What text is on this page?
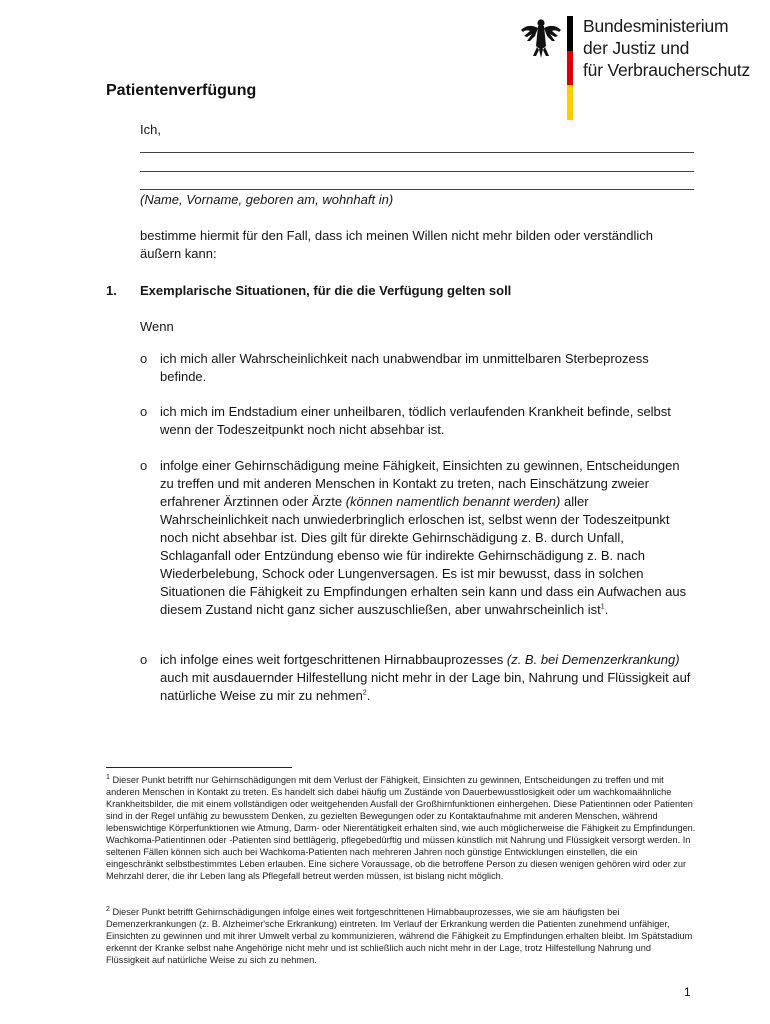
Bundesministerium
der Justiz und
für Verbraucherschutz
Patientenverfügung
Ich,
(Name, Vorname, geboren am, wohnhaft in)
bestimme hiermit für den Fall, dass ich meinen Willen nicht mehr bilden oder verständlich äußern kann:
1. Exemplarische Situationen, für die die Verfügung gelten soll
Wenn
o ich mich aller Wahrscheinlichkeit nach unabwendbar im unmittelbaren Sterbeprozess befinde.
o ich mich im Endstadium einer unheilbaren, tödlich verlaufenden Krankheit befinde, selbst wenn der Todeszeitpunkt noch nicht absehbar ist.
o infolge einer Gehirnschädigung meine Fähigkeit, Einsichten zu gewinnen, Entscheidungen zu treffen und mit anderen Menschen in Kontakt zu treten, nach Einschätzung zweier erfahrener Ärztinnen oder Ärzte (können namentlich benannt werden) aller Wahrscheinlichkeit nach unwiederbringlich erloschen ist, selbst wenn der Todeszeitpunkt noch nicht absehbar ist. Dies gilt für direkte Gehirnschädigung z. B. durch Unfall, Schlaganfall oder Entzündung ebenso wie für indirekte Gehirnschädigung z. B. nach Wiederbelebung, Schock oder Lungenversagen. Es ist mir bewusst, dass in solchen Situationen die Fähigkeit zu Empfindungen erhalten sein kann und dass ein Aufwachen aus diesem Zustand nicht ganz sicher auszuschließen, aber unwahrscheinlich ist$^1$.
o ich infolge eines weit fortgeschrittenen Hirnabbauprozesses (z. B. bei Demenzerkrankung) auch mit ausdauernder Hilfestellung nicht mehr in der Lage bin, Nahrung und Flüssigkeit auf natürliche Weise zu mir zu nehmen$^2$.
$^1$ Dieser Punkt betrifft nur Gehirnschädigungen mit dem Verlust der Fähigkeit, Einsichten zu gewinnen, Entscheidungen zu treffen und mit anderen Menschen in Kontakt zu treten. Es handelt sich dabei häufig um Zustände von Dauerbewusstlosigkeit oder um wachkomaähnliche Krankheitsbilder, die mit einem vollständigen oder weitgehenden Ausfall der Großhirnfunktionen einhergehen. Diese Patientinnen oder Patienten sind in der Regel unfähig zu bewusstem Denken, zu gezielten Bewegungen oder zu Kontaktaufnahme mit anderen Menschen, während lebenswichtige Körperfunktionen wie Atmung, Darm- oder Nierentätigkeit erhalten sind, wie auch möglicherweise die Fähigkeit zu Empfindungen. Wachkoma-Patientinnen oder -Patienten sind bettlägerig, pflegebedürftig und müssen künstlich mit Nahrung und Flüssigkeit versorgt werden. In seltenen Fällen können sich auch bei Wachkoma-Patienten nach mehreren Jahren noch günstige Entwicklungen einstellen, die ein eingeschränkt selbstbestimmtes Leben erlauben. Eine sichere Voraussage, ob die betroffene Person zu diesen wenigen gehören wird oder zur Mehrzahl derer, die ihr Leben lang als Pflegefall betreut werden müssen, ist bislang nicht möglich.
$^2$ Dieser Punkt betrifft Gehirnschädigungen infolge eines weit fortgeschrittenen Hirnabbauprozesses, wie sie am häufigsten bei Demenzerkrankungen (z. B. Alzheimer'sche Erkrankung) eintreten. Im Verlauf der Erkrankung werden die Patienten zunehmend unfähiger, Einsichten zu gewinnen und mit ihrer Umwelt verbal zu kommunizieren, während die Fähigkeit zu Empfindungen erhalten bleibt. Im Spätstadium erkennt der Kranke selbst nahe Angehörige nicht mehr und ist schließlich auch nicht mehr in der Lage, trotz Hilfestellung Nahrung und Flüssigkeit auf natürliche Weise zu sich zu nehmen.
1
